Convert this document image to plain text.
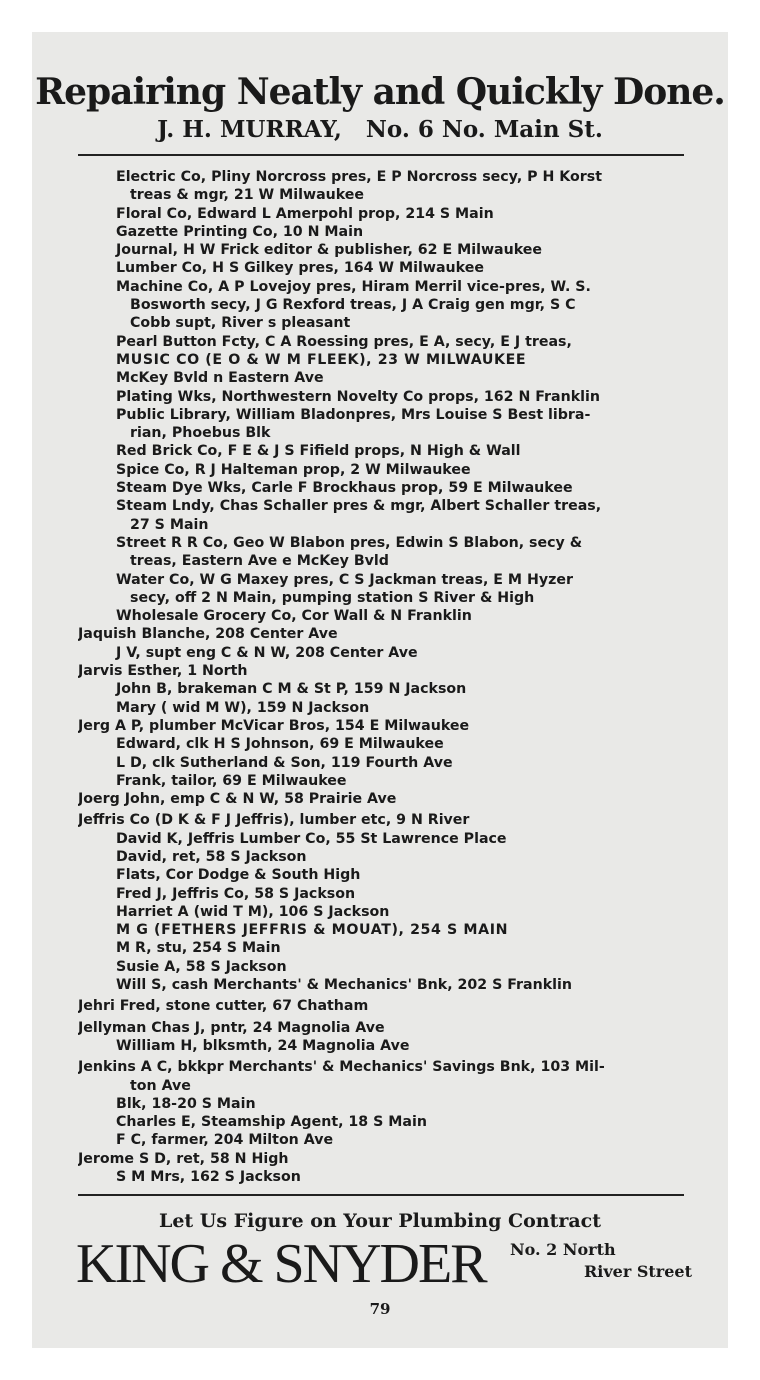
Repairing Neatly and Quickly Done.
J. H. MURRAY, No. 6 No. Main St.
Electric Co, Pliny Norcross pres, E P Norcross secy, P H Korst
treas & mgr, 21 W Milwaukee
Floral Co, Edward L Amerpohl prop, 214 S Main
Gazette Printing Co, 10 N Main
Journal, H W Frick editor & publisher, 62 E Milwaukee
Lumber Co, H S Gilkey pres, 164 W Milwaukee
Machine Co, A P Lovejoy pres, Hiram Merril vice-pres, W. S.
Bosworth secy, J G Rexford treas, J A Craig gen mgr, S C
Cobb supt, River s pleasant
Pearl Button Fcty, C A Roessing pres, E A, secy, E J treas,
MUSIC CO (E O & W M FLEEK), 23 W MILWAUKEE
McKey Bvld n Eastern Ave
Plating Wks, Northwestern Novelty Co props, 162 N Franklin
Public Library, William Bladonpres, Mrs Louise S Best libra-
rian, Phoebus Blk
Red Brick Co, F E & J S Fifield props, N High & Wall
Spice Co, R J Halteman prop, 2 W Milwaukee
Steam Dye Wks, Carle F Brockhaus prop, 59 E Milwaukee
Steam Lndy, Chas Schaller pres & mgr, Albert Schaller treas,
27 S Main
Street R R Co, Geo W Blabon pres, Edwin S Blabon, secy &
treas, Eastern Ave e McKey Bvld
Water Co, W G Maxey pres, C S Jackman treas, E M Hyzer
secy, off 2 N Main, pumping station S River & High
Wholesale Grocery Co, Cor Wall & N Franklin
Jaquish Blanche, 208 Center Ave
J V, supt eng C & N W, 208 Center Ave
Jarvis Esther, 1 North
John B, brakeman C M & St P, 159 N Jackson
Mary ( wid M W), 159 N Jackson
Jerg A P, plumber McVicar Bros, 154 E Milwaukee
Edward, clk H S Johnson, 69 E Milwaukee
L D, clk Sutherland & Son, 119 Fourth Ave
Frank, tailor, 69 E Milwaukee
Joerg John, emp C & N W, 58 Prairie Ave
Jeffris Co (D K & F J Jeffris), lumber etc, 9 N River
David K, Jeffris Lumber Co, 55 St Lawrence Place
David, ret, 58 S Jackson
Flats, Cor Dodge & South High
Fred J, Jeffris Co, 58 S Jackson
Harriet A (wid T M), 106 S Jackson
M G (FETHERS JEFFRIS & MOUAT), 254 S MAIN
M R, stu, 254 S Main
Susie A, 58 S Jackson
Will S, cash Merchants' & Mechanics' Bnk, 202 S Franklin
Jehri Fred, stone cutter, 67 Chatham
Jellyman Chas J, pntr, 24 Magnolia Ave
William H, blksmth, 24 Magnolia Ave
Jenkins A C, bkkpr Merchants' & Mechanics' Savings Bnk, 103 Mil-
ton Ave
Blk, 18-20 S Main
Charles E, Steamship Agent, 18 S Main
F C, farmer, 204 Milton Ave
Jerome S D, ret, 58 N High
S M Mrs, 162 S Jackson
Let Us Figure on Your Plumbing Contract
KING & SNYDER No. 2 North
River Street
79
